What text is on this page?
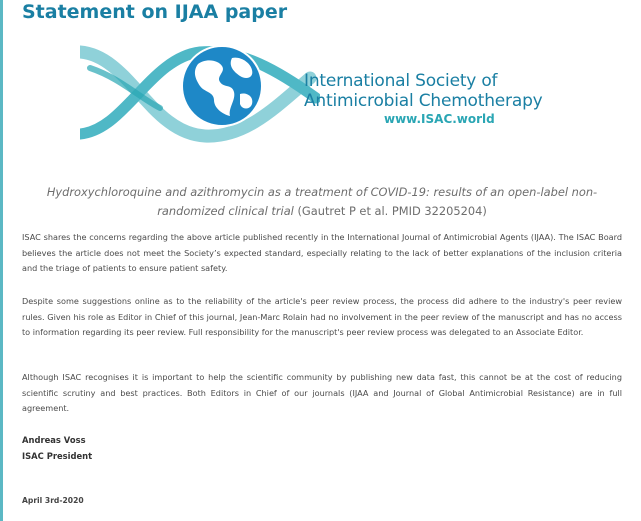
Statement on IJAA paper
International Society of
Antimicrobial Chemotherapy
www.ISAC.world

Hydroxychloroquine and azithromycin as a treatment of COVID-19: results of an open-label non-randomized clinical trial (Gautret P et al. PMID 32205204)

ISAC shares the concerns regarding the above article published recently in the International Journal of Antimicrobial Agents (IJAA). The ISAC Board believes the article does not meet the Society’s expected standard, especially relating to the lack of better explanations of the inclusion criteria and the triage of patients to ensure patient safety.

Despite some suggestions online as to the reliability of the article's peer review process, the process did adhere to the industry's peer review rules. Given his role as Editor in Chief of this journal, Jean-Marc Rolain had no involvement in the peer review of the manuscript and has no access to information regarding its peer review. Full responsibility for the manuscript's peer review process was delegated to an Associate Editor.

Although ISAC recognises it is important to help the scientific community by publishing new data fast, this cannot be at the cost of reducing scientific scrutiny and best practices. Both Editors in Chief of our journals (IJAA and Journal of Global Antimicrobial Resistance) are in full agreement.

Andreas Voss
ISAC President

April 3rd-2020
